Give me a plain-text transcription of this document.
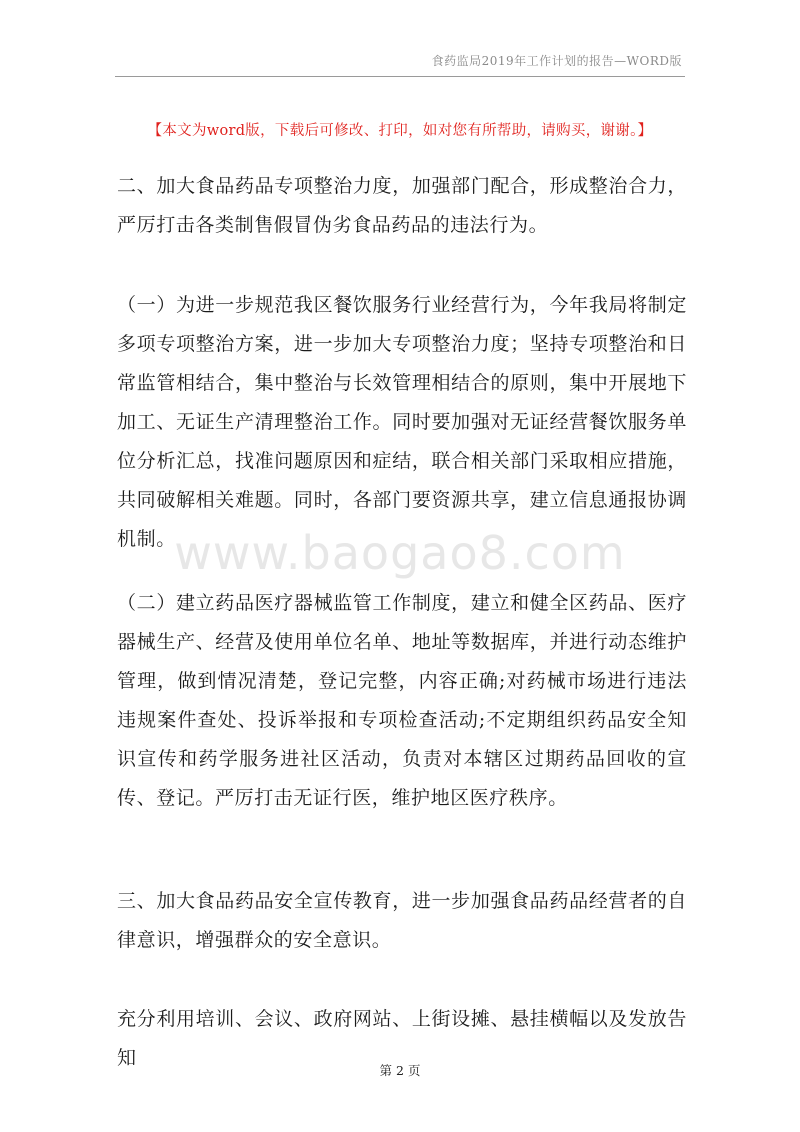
食药监局2019年工作计划的报告—WORD版
【本文为word版，下载后可修改、打印，如对您有所帮助，请购买，谢谢。】
二、加大食品药品专项整治力度，加强部门配合，形成整治合力，严厉打击各类制售假冒伪劣食品药品的违法行为。
（一）为进一步规范我区餐饮服务行业经营行为，今年我局将制定多项专项整治方案，进一步加大专项整治力度；坚持专项整治和日常监管相结合，集中整治与长效管理相结合的原则，集中开展地下加工、无证生产清理整治工作。同时要加强对无证经营餐饮服务单位分析汇总，找准问题原因和症结，联合相关部门采取相应措施，共同破解相关难题。同时，各部门要资源共享，建立信息通报协调机制。
www.baogao8.com
（二）建立药品医疗器械监管工作制度，建立和健全区药品、医疗器械生产、经营及使用单位名单、地址等数据库，并进行动态维护管理，做到情况清楚，登记完整，内容正确;对药械市场进行违法违规案件查处、投诉举报和专项检查活动;不定期组织药品安全知识宣传和药学服务进社区活动，负责对本辖区过期药品回收的宣传、登记。严厉打击无证行医，维护地区医疗秩序。
三、加大食品药品安全宣传教育，进一步加强食品药品经营者的自律意识，增强群众的安全意识。
充分利用培训、会议、政府网站、上街设摊、悬挂横幅以及发放告知
第 2 页
